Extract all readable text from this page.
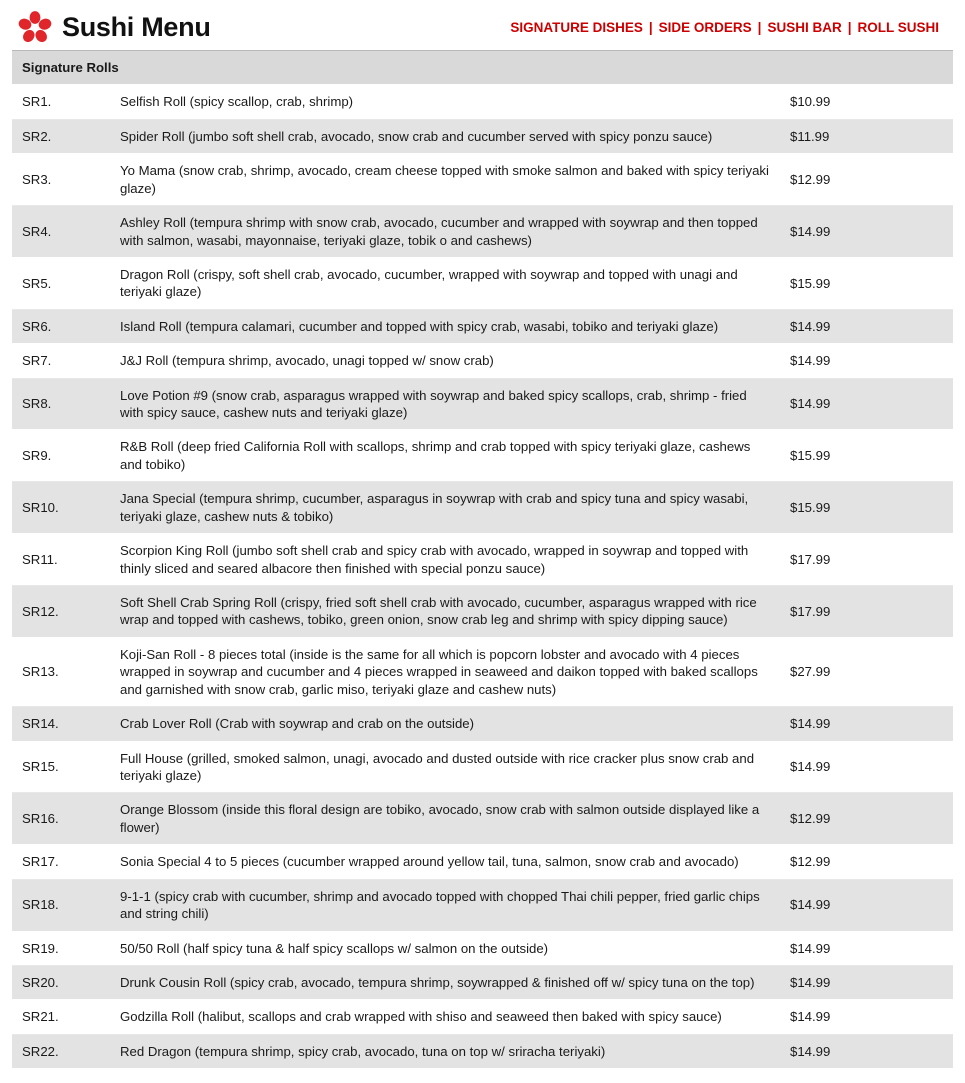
Sushi Menu	SIGNATURE DISHES | SIDE ORDERS | SUSHI BAR | ROLL SUSHI
Signature Rolls		
SR1.	Selfish Roll (spicy scallop, crab, shrimp)	$10.99
SR2.	Spider Roll (jumbo soft shell crab, avocado, snow crab and cucumber served with spicy ponzu sauce)	$11.99
SR3.	Yo Mama (snow crab, shrimp, avocado, cream cheese topped with smoke salmon and baked with spicy teriyaki glaze)	$12.99
SR4.	Ashley Roll (tempura shrimp with snow crab, avocado, cucumber and wrapped with soywrap and then topped with salmon, wasabi, mayonnaise, teriyaki glaze, tobik o and cashews)	$14.99
SR5.	Dragon Roll (crispy, soft shell crab, avocado, cucumber, wrapped with soywrap and topped with unagi and teriyaki glaze)	$15.99
SR6.	Island Roll (tempura calamari, cucumber and topped with spicy crab, wasabi, tobiko and teriyaki glaze)	$14.99
SR7.	J&J Roll (tempura shrimp, avocado, unagi topped w/ snow crab)	$14.99
SR8.	Love Potion #9 (snow crab, asparagus wrapped with soywrap and baked spicy scallops, crab, shrimp - fried with spicy sauce, cashew nuts and teriyaki glaze)	$14.99
SR9.	R&B Roll (deep fried California Roll with scallops, shrimp and crab topped with spicy teriyaki glaze, cashews and tobiko)	$15.99
SR10.	Jana Special (tempura shrimp, cucumber, asparagus in soywrap with crab and spicy tuna and spicy wasabi, teriyaki glaze, cashew nuts & tobiko)	$15.99
SR11.	Scorpion King Roll (jumbo soft shell crab and spicy crab with avocado, wrapped in soywrap and topped with thinly sliced and seared albacore then finished with special ponzu sauce)	$17.99
SR12.	Soft Shell Crab Spring Roll (crispy, fried soft shell crab with avocado, cucumber, asparagus wrapped with rice wrap and topped with cashews, tobiko, green onion, snow crab leg and shrimp with spicy dipping sauce)	$17.99
SR13.	Koji-San Roll - 8 pieces total (inside is the same for all which is popcorn lobster and avocado with 4 pieces wrapped in soywrap and cucumber and 4 pieces wrapped in seaweed and daikon topped with baked scallops and garnished with snow crab, garlic miso, teriyaki glaze and cashew nuts)	$27.99
SR14.	Crab Lover Roll (Crab with soywrap and crab on the outside)	$14.99
SR15.	Full House (grilled, smoked salmon, unagi, avocado and dusted outside with rice cracker plus snow crab and teriyaki glaze)	$14.99
SR16.	Orange Blossom (inside this floral design are tobiko, avocado, snow crab with salmon outside displayed like a flower)	$12.99
SR17.	Sonia Special 4 to 5 pieces (cucumber wrapped around yellow tail, tuna, salmon, snow crab and avocado)	$12.99
SR18.	9-1-1 (spicy crab with cucumber, shrimp and avocado topped with chopped Thai chili pepper, fried garlic chips and string chili)	$14.99
SR19.	50/50 Roll (half spicy tuna & half spicy scallops w/ salmon on the outside)	$14.99
SR20.	Drunk Cousin Roll (spicy crab, avocado, tempura shrimp, soywrapped & finished off w/ spicy tuna on the top)	$14.99
SR21.	Godzilla Roll (halibut, scallops and crab wrapped with shiso and seaweed then baked with spicy sauce)	$14.99
SR22.	Red Dragon (tempura shrimp, spicy crab, avocado, tuna on top w/ sriracha teriyaki)	$14.99
